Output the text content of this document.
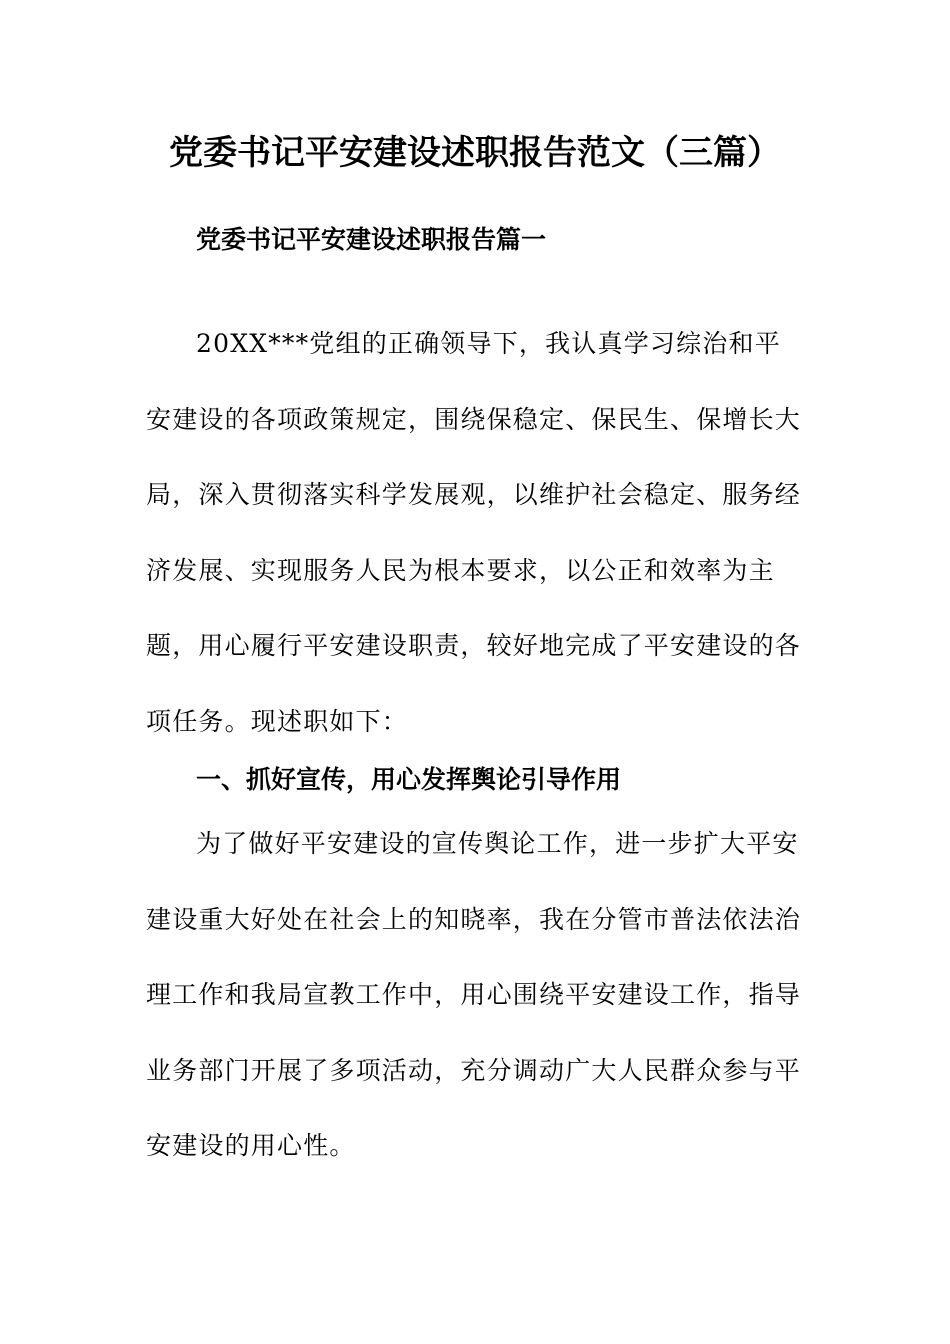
党委书记平安建设述职报告范文（三篇）
党委书记平安建设述职报告篇一

20XX***党组的正确领导下，我认真学习综治和平安建设的各项政策规定，围绕保稳定、保民生、保增长大局，深入贯彻落实科学发展观，以维护社会稳定、服务经济发展、实现服务人民为根本要求，以公正和效率为主题，用心履行平安建设职责，较好地完成了平安建设的各项任务。现述职如下：

一、抓好宣传，用心发挥舆论引导作用

为了做好平安建设的宣传舆论工作，进一步扩大平安建设重大好处在社会上的知晓率，我在分管市普法依法治理工作和我局宣教工作中，用心围绕平安建设工作，指导业务部门开展了多项活动，充分调动广大人民群众参与平安建设的用心性。
